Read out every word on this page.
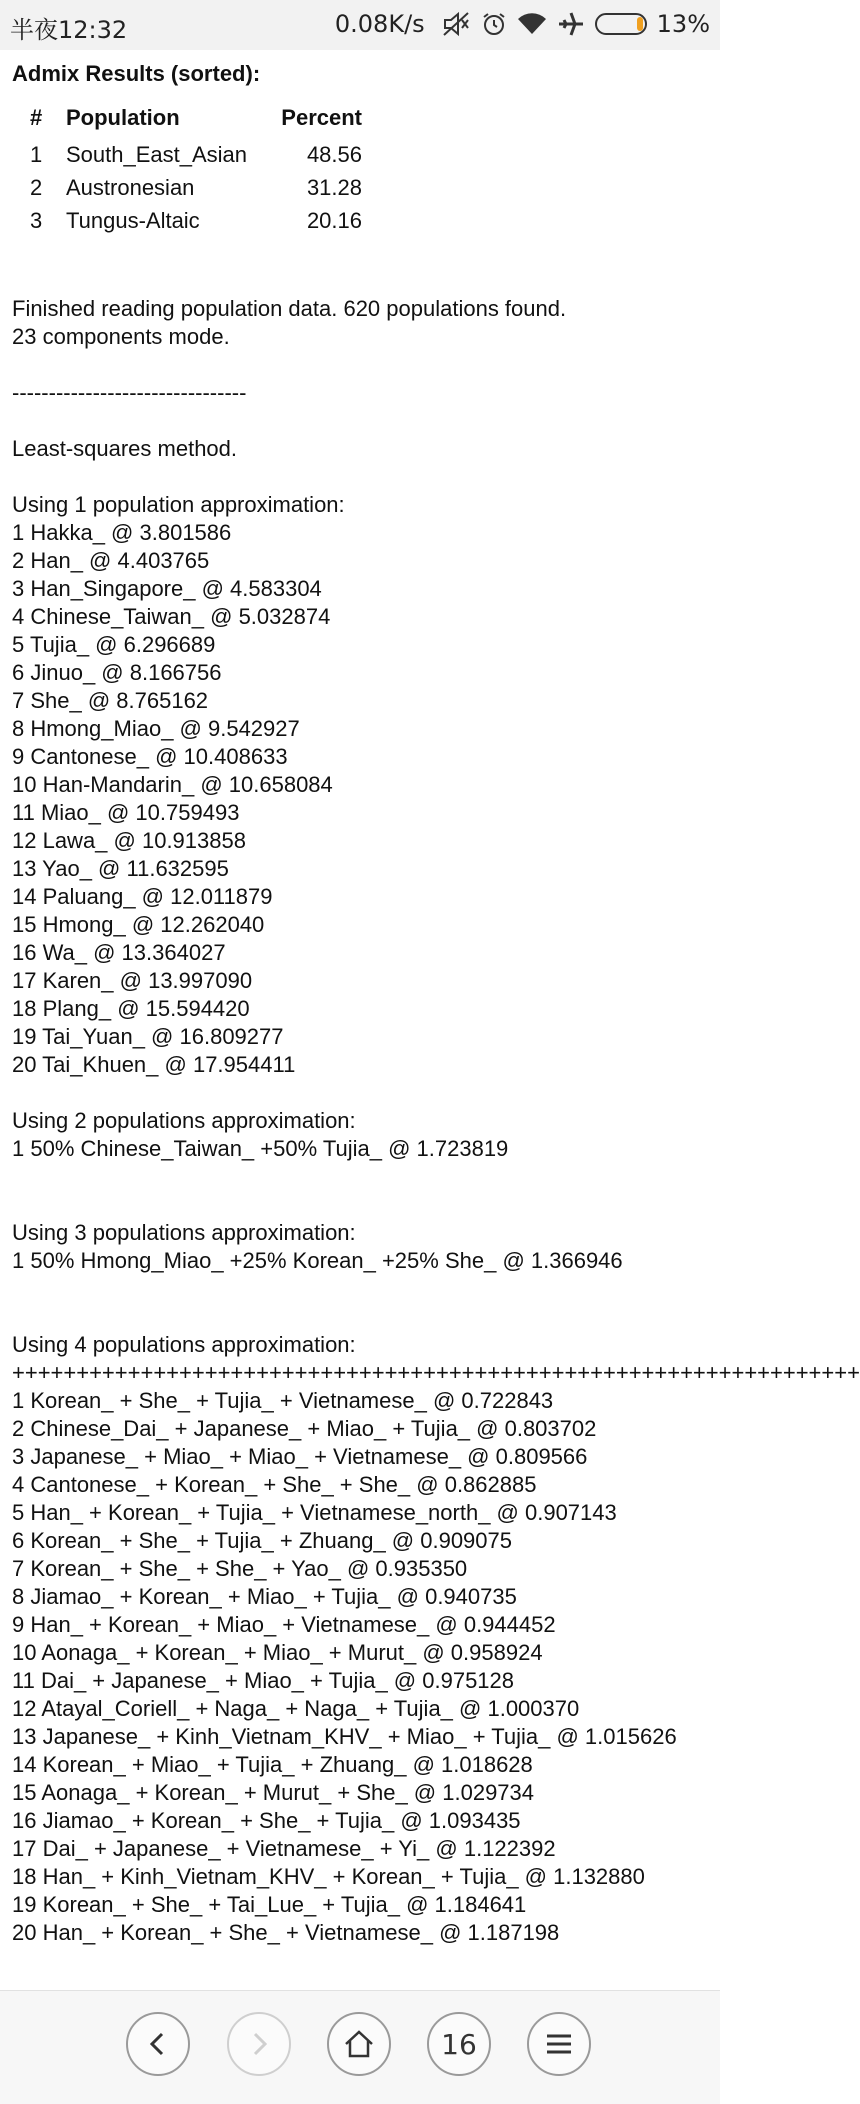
半夜12:32	0.08K/s	13%
Admix Results (sorted):
#	Population	Percent
1	South_East_Asian	48.56
2	Austronesian	31.28
3	Tungus-Altaic	20.16
Finished reading population data. 620 populations found.
23 components mode.
--------------------------------
Least-squares method.
Using 1 population approximation:
1 Hakka_ @ 3.801586
2 Han_ @ 4.403765
3 Han_Singapore_ @ 4.583304
4 Chinese_Taiwan_ @ 5.032874
5 Tujia_ @ 6.296689
6 Jinuo_ @ 8.166756
7 She_ @ 8.765162
8 Hmong_Miao_ @ 9.542927
9 Cantonese_ @ 10.408633
10 Han-Mandarin_ @ 10.658084
11 Miao_ @ 10.759493
12 Lawa_ @ 10.913858
13 Yao_ @ 11.632595
14 Paluang_ @ 12.011879
15 Hmong_ @ 12.262040
16 Wa_ @ 13.364027
17 Karen_ @ 13.997090
18 Plang_ @ 15.594420
19 Tai_Yuan_ @ 16.809277
20 Tai_Khuen_ @ 17.954411
Using 2 populations approximation:
1 50% Chinese_Taiwan_ +50% Tujia_ @ 1.723819
Using 3 populations approximation:
1 50% Hmong_Miao_ +25% Korean_ +25% She_ @ 1.366946
Using 4 populations approximation:
++++++++++++++++++++++++++++++++++++++++++++++++++++++++++++++++++
1 Korean_ + She_ + Tujia_ + Vietnamese_ @ 0.722843
2 Chinese_Dai_ + Japanese_ + Miao_ + Tujia_ @ 0.803702
3 Japanese_ + Miao_ + Miao_ + Vietnamese_ @ 0.809566
4 Cantonese_ + Korean_ + She_ + She_ @ 0.862885
5 Han_ + Korean_ + Tujia_ + Vietnamese_north_ @ 0.907143
6 Korean_ + She_ + Tujia_ + Zhuang_ @ 0.909075
7 Korean_ + She_ + She_ + Yao_ @ 0.935350
8 Jiamao_ + Korean_ + Miao_ + Tujia_ @ 0.940735
9 Han_ + Korean_ + Miao_ + Vietnamese_ @ 0.944452
10 Aonaga_ + Korean_ + Miao_ + Murut_ @ 0.958924
11 Dai_ + Japanese_ + Miao_ + Tujia_ @ 0.975128
12 Atayal_Coriell_ + Naga_ + Naga_ + Tujia_ @ 1.000370
13 Japanese_ + Kinh_Vietnam_KHV_ + Miao_ + Tujia_ @ 1.015626
14 Korean_ + Miao_ + Tujia_ + Zhuang_ @ 1.018628
15 Aonaga_ + Korean_ + Murut_ + She_ @ 1.029734
16 Jiamao_ + Korean_ + She_ + Tujia_ @ 1.093435
17 Dai_ + Japanese_ + Vietnamese_ + Yi_ @ 1.122392
18 Han_ + Kinh_Vietnam_KHV_ + Korean_ + Tujia_ @ 1.132880
19 Korean_ + She_ + Tai_Lue_ + Tujia_ @ 1.184641
20 Han_ + Korean_ + She_ + Vietnamese_ @ 1.187198
16
